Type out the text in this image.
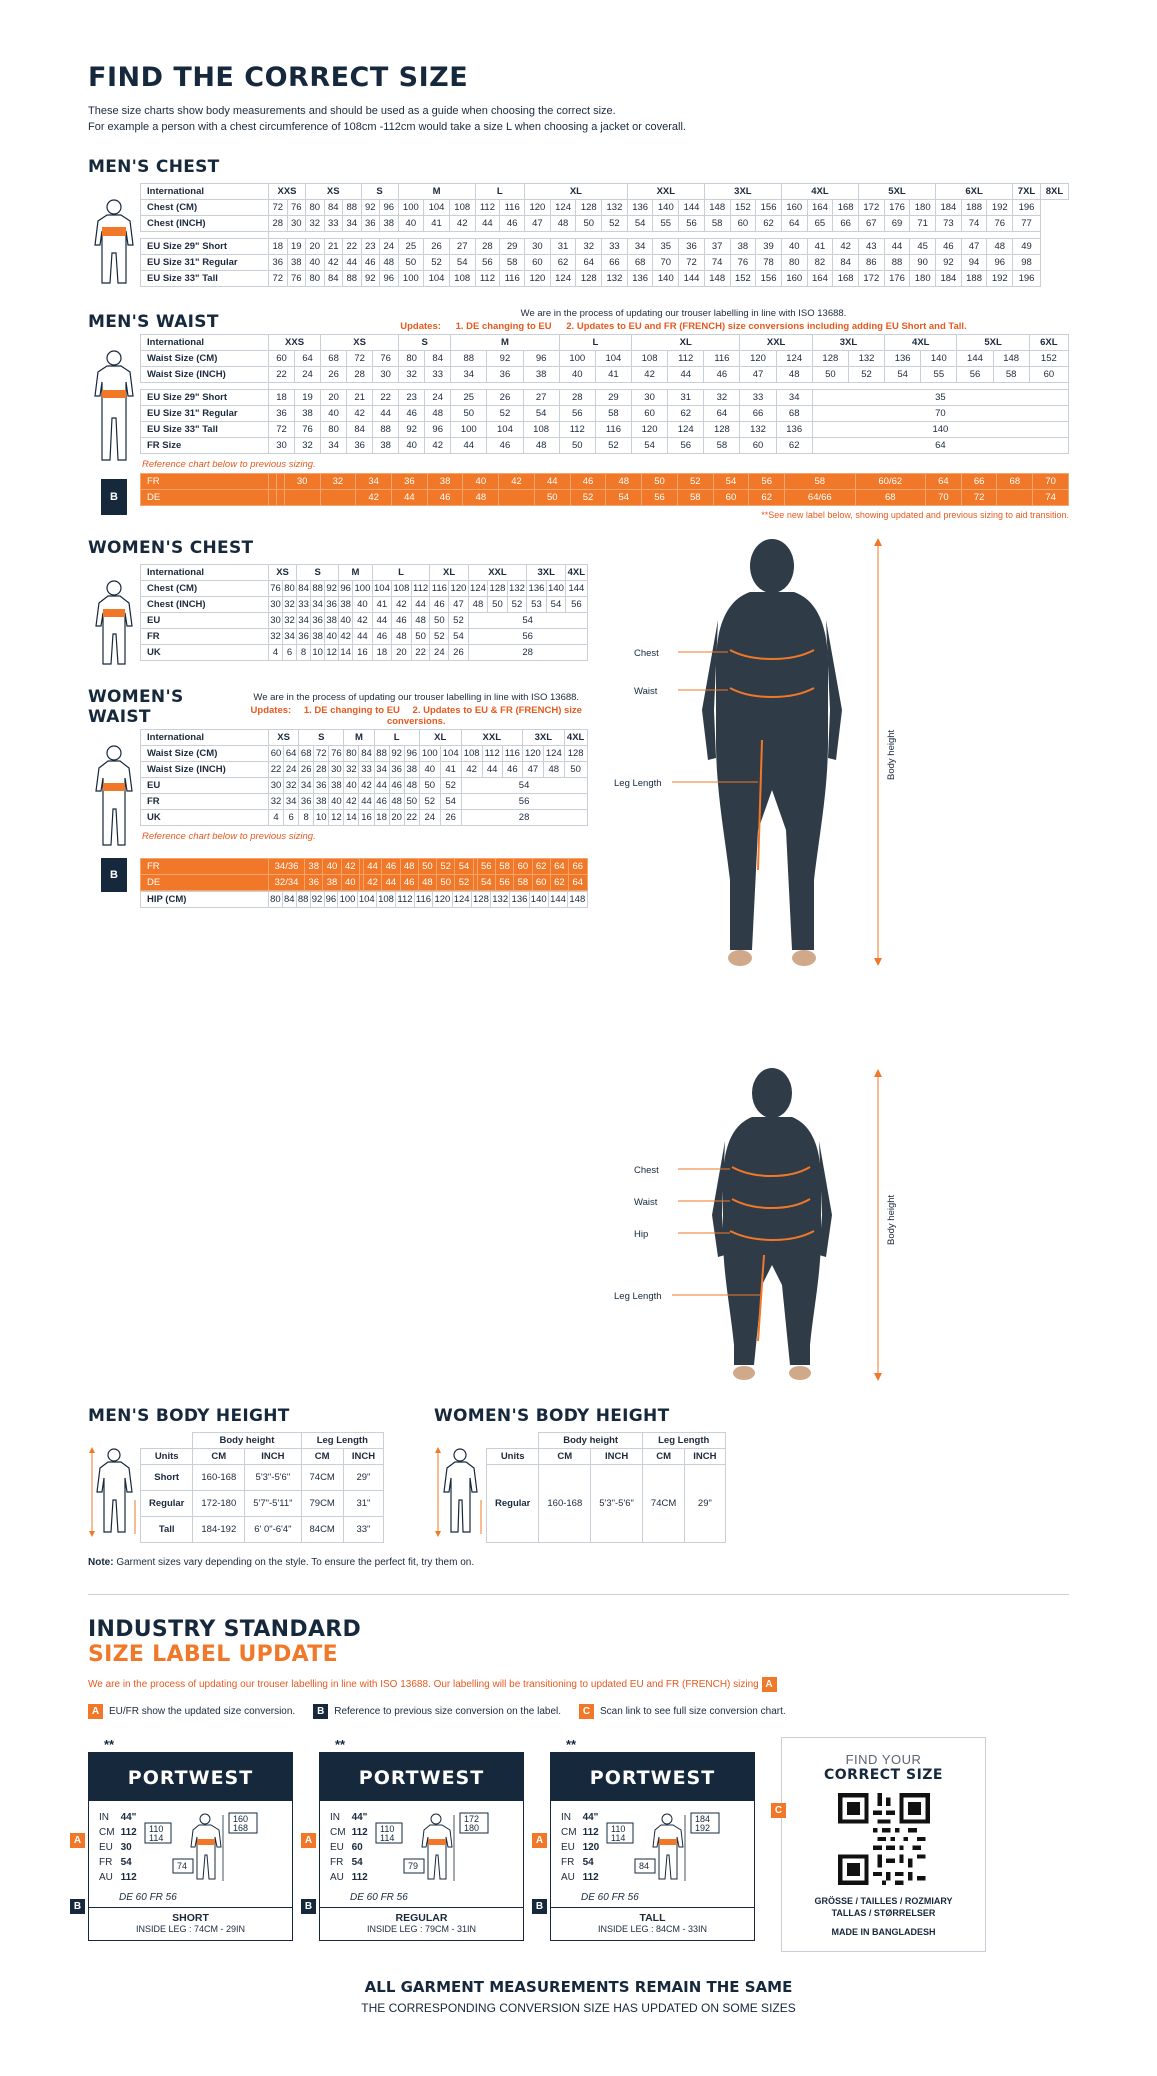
FIND THE CORRECT SIZE
These size charts show body measurements and should be used as a guide when choosing the correct size.
For example a person with a chest circumference of 108cm -112cm would take a size L when choosing a jacket or coverall.
MEN'S CHEST
International	XXS		XS			S		M			L		XL				XXL			3XL			4XL			5XL			6XL			7XL	8XL
Chest (CM)	72	76	80	84	88	92	96	100	104	108	112	116	120	124	128	132	136	140	144	148	152	156	160	164	168	172	176	180	184	188	192	196	
Chest (INCH)	28	30	32	33	34	36	38	40	41	42	44	46	47	48	50	52	54	55	56	58	60	62	64	65	66	67	69	71	73	74	76	77	

EU Size 29" Short	18	19	20	21	22	23	24	25	26	27	28	29	30	31	32	33	34	35	36	37	38	39	40	41	42	43	44	45	46	47	48	49	
EU Size 31" Regular	36	38	40	42	44	46	48	50	52	54	56	58	60	62	64	66	68	70	72	74	76	78	80	82	84	86	88	90	92	94	96	98	
EU Size 33" Tall	72	76	80	84	88	92	96	100	104	108	112	116	120	124	128	132	136	140	144	148	152	156	160	164	168	172	176	180	184	188	192	196	
MEN'S WAIST	We are in the process of updating our trouser labelling in line with ISO 13688.
Updates: 1. DE changing to EU 2. Updates to EU and FR (FRENCH) size conversions including adding EU Short and Tall.
International	XXS		XS			S		M			L		XL			XXL		3XL		4XL		5XL		6XL
Waist Size (CM)	60	64	68	72	76	80	84	88	92	96	100	104	108	112	116	120	124	128	132	136	140	144	148	152
Waist Size (INCH)	22	24	26	28	30	32	33	34	36	38	40	41	42	44	46	47	48	50	52	54	55	56	58	60

EU Size 29" Short	18	19	20	21	22	23	24	25	26	27	28	29	30	31	32	33	34	35						
EU Size 31" Regular	36	38	40	42	44	46	48	50	52	54	56	58	60	62	64	66	68	70						
EU Size 33" Tall	72	76	80	84	88	92	96	100	104	108	112	116	120	124	128	132	136	140						
FR Size	30	32	34	36	38	40	42	44	46	48	50	52	54	56	58	60	62	64						
Reference chart below to previous sizing.
B
FR			30	32	34	36	38	40	42	44	46	48	50	52	54	56	58	60/62	64	66	68	70
DE					42	44	46	48		50	52	54	56	58	60	62	64/66	68	70	72		74
**See new label below, showing updated and previous sizing to aid transition.
WOMEN'S CHEST
International	XS		S			M		L			XL		XXL			3XL		4XL
Chest (CM)	76	80	84	88	92	96	100	104	108	112	116	120	124	128	132	136	140	144
Chest (INCH)	30	32	33	34	36	38	40	41	42	44	46	47	48	50	52	53	54	56
EU	30	32	34	36	38	40	42	44	46	48	50	52	54					
FR	32	34	36	38	40	42	44	46	48	50	52	54	56					
UK	4	6	8	10	12	14	16	18	20	22	24	26	28					
WOMEN'S WAIST
We are in the process of updating our trouser labelling in line with ISO 13688.
Updates: 1. DE changing to EU 2. Updates to EU & FR (FRENCH) size conversions.
International	XS		S			M		L			XL		XXL			3XL		4XL
Waist Size (CM)	60	64	68	72	76	80	84	88	92	96	100	104	108	112	116	120	124	128
Waist Size (INCH)	22	24	26	28	30	32	33	34	36	38	40	41	42	44	46	47	48	50
EU	30	32	34	36	38	40	42	44	46	48	50	52	54					
FR	32	34	36	38	40	42	44	46	48	50	52	54	56					
UK	4	6	8	10	12	14	16	18	20	22	24	26	28					
Reference chart below to previous sizing.
B
FR	34/36	38	40	42		44	46	48	50	52	54		56	58	60	62	64	66
DE	32/34	36	38	40		42	44	46	48	50	52		54	56	58	60	62	64
HIP (CM)	80	84	88	92	96	100	104	108	112	116	120	124	128	132	136	140	144	148
Chest
Waist
Leg Length
Body height

Chest
Waist
Hip
Leg Length
Body height
MEN'S BODY HEIGHT
	Body height		Leg Length	
Units	CM	INCH	CM	INCH
Short	160-168	5'3"-5'6"	74CM	29"
Regular	172-180	5'7"-5'11"	79CM	31"
Tall	184-192	6' 0"-6'4"	84CM	33"
WOMEN'S BODY HEIGHT
	Body height		Leg Length	
Units	CM	INCH	CM	INCH
Regular	160-168	5'3"-5'6"	74CM	29"
Note: Garment sizes vary depending on the style. To ensure the perfect fit, try them on.
INDUSTRY STANDARD
SIZE LABEL UPDATE
We are in the process of updating our trouser labelling in line with ISO 13688. Our labelling will be transitioning to updated EU and FR (FRENCH) sizing A
A EU/FR show the updated size conversion.	B Reference to previous size conversion on the label.	C Scan link to see full size conversion chart.
**
PORTWEST
IN	44"
CM	112
EU	30
FR	54
AU	112
110
114
160
168
74
DE 60 FR 56
SHORT
INSIDE LEG : 74CM - 29IN
A
B
**
PORTWEST
IN	44"
CM	112
EU	60
FR	54
AU	112
110
114
172
180
79
DE 60 FR 56
REGULAR
INSIDE LEG : 79CM - 31IN
A
B
**
PORTWEST
IN	44"
CM	112
EU	120
FR	54
AU	112
110
114
184
192
84
DE 60 FR 56
TALL
INSIDE LEG : 84CM - 33IN
A
B
C
FIND YOUR
CORRECT SIZE
GRÖSSE / TAILLES / ROZMIARY
TALLAS / STØRRELSER
MADE IN BANGLADESH
ALL GARMENT MEASUREMENTS REMAIN THE SAME
THE CORRESPONDING CONVERSION SIZE HAS UPDATED ON SOME SIZES
